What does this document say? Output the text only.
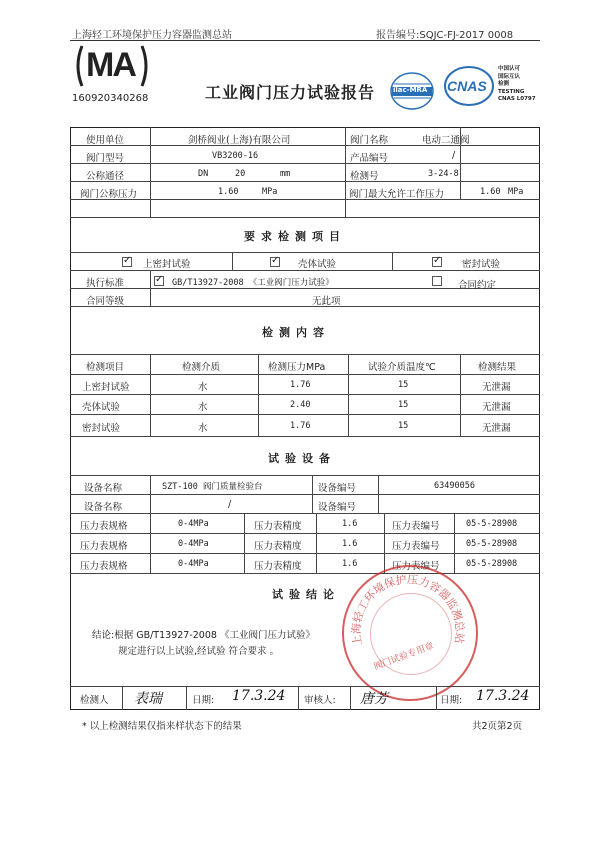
上海轻工环境保护压力容器监测总站	报告编号:SQJC-FJ-2017 0008
MA
160920340268	工业阀门压力试验报告	ilac-MRA CNAS
中国认可
国际互认
检测
TESTING
CNAS L0797
使用单位	剑桥阀业(上海)有限公司	阀门名称	电动二通阀
阀门型号	VB3200-16	产品编号	/
公称通径	DN	20	mm	检测号	3-24-8
阀门公称压力	1.60	MPa	阀门最大允许工作压力	1.60 MPa
要求检测项目
✓
上密封试验 ✓	壳体试验 ✓	密封试验
执行标准 ✓	GB/T13927-2008 《工业阀门压力试验》	合同约定
合同等级	无此项
检测内容
检测项目	检测介质	检测压力MPa	试验介质温度℃	检测结果
上密封试验	水	1.76	15	无泄漏
壳体试验	水	2.40	15	无泄漏
密封试验	水	1.76	15	无泄漏
试验设备
设备名称	SZT-100 阀门质量检验台	设备编号	63490056
设备名称	/	设备编号
压力表规格	0-4MPa	压力表精度	1.6	压力表编号	05-5-28908
压力表规格	0-4MPa	压力表精度	1.6	压力表编号	05-5-28908
压力表规格	0-4MPa	压力表精度	1.6	压力表编号	05-5-28908
试验结论
结论:根据 GB/T13927-2008 《工业阀门压力试验》
规定进行以上试验,经试验 符合要求 。
上海轻工环境保护压力容器监测总站
阀门试验专用章
检测人 表瑞	日期: 17.3.24 审核人: 唐芳	日期: 17.3.24
* 以上检测结果仅指来样状态下的结果	共2页第2页
